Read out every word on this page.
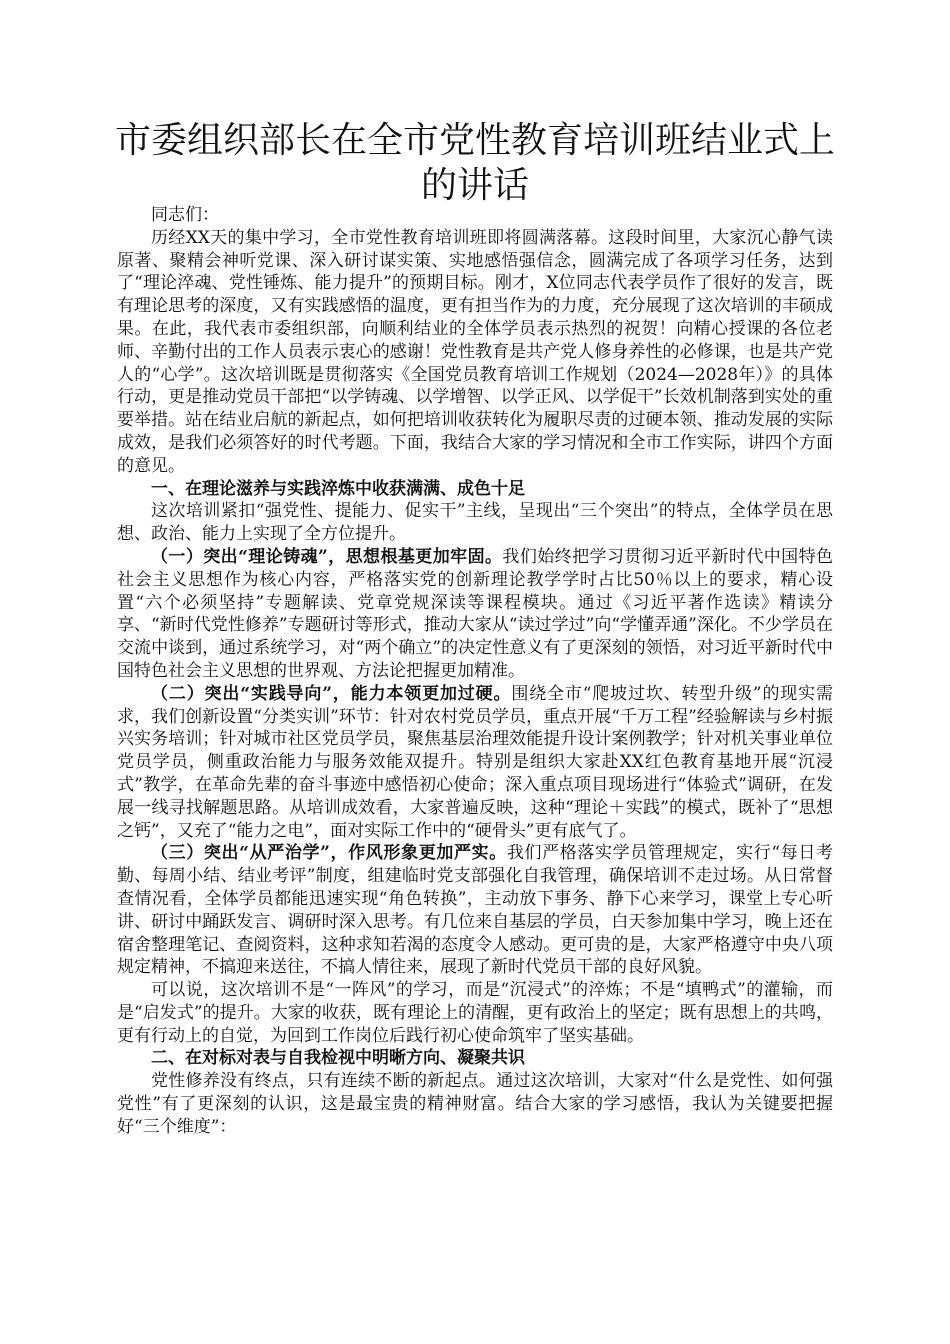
市委组织部长在全市党性教育培训班结业式上的讲话

同志们：

历经XX天的集中学习，全市党性教育培训班即将圆满落幕。这段时间里，大家沉心静气读原著、聚精会神听党课、深入研讨谋实策、实地感悟强信念，圆满完成了各项学习任务，达到了“理论淬魂、党性锤炼、能力提升”的预期目标。刚才，X位同志代表学员作了很好的发言，既有理论思考的深度，又有实践感悟的温度，更有担当作为的力度，充分展现了这次培训的丰硕成果。在此，我代表市委组织部，向顺利结业的全体学员表示热烈的祝贺！向精心授课的各位老师、辛勤付出的工作人员表示衷心的感谢！党性教育是共产党人修身养性的必修课，也是共产党人的“心学”。这次培训既是贯彻落实《全国党员教育培训工作规划（2024—2028年）》的具体行动，更是推动党员干部把“以学铸魂、以学增智、以学正风、以学促干”长效机制落到实处的重要举措。站在结业启航的新起点，如何把培训收获转化为履职尽责的过硬本领、推动发展的实际成效，是我们必须答好的时代考题。下面，我结合大家的学习情况和全市工作实际，讲四个方面的意见。

一、在理论滋养与实践淬炼中收获满满、成色十足

这次培训紧扣“强党性、提能力、促实干”主线，呈现出“三个突出”的特点，全体学员在思想、政治、能力上实现了全方位提升。

（一）突出“理论铸魂”，思想根基更加牢固。我们始终把学习贯彻习近平新时代中国特色社会主义思想作为核心内容，严格落实党的创新理论教学学时占比50％以上的要求，精心设置“六个必须坚持”专题解读、党章党规深读等课程模块。通过《习近平著作选读》精读分享、“新时代党性修养”专题研讨等形式，推动大家从“读过学过”向“学懂弄通”深化。不少学员在交流中谈到，通过系统学习，对“两个确立”的决定性意义有了更深刻的领悟，对习近平新时代中国特色社会主义思想的世界观、方法论把握更加精准。

（二）突出“实践导向”，能力本领更加过硬。围绕全市“爬坡过坎、转型升级”的现实需求，我们创新设置“分类实训”环节：针对农村党员学员，重点开展“千万工程”经验解读与乡村振兴实务培训；针对城市社区党员学员，聚焦基层治理效能提升设计案例教学；针对机关事业单位党员学员，侧重政治能力与服务效能双提升。特别是组织大家赴XX红色教育基地开展“沉浸式”教学，在革命先辈的奋斗事迹中感悟初心使命；深入重点项目现场进行“体验式”调研，在发展一线寻找解题思路。从培训成效看，大家普遍反映，这种“理论＋实践”的模式，既补了“思想之钙”，又充了“能力之电”，面对实际工作中的“硬骨头”更有底气了。

（三）突出“从严治学”，作风形象更加严实。我们严格落实学员管理规定，实行“每日考勤、每周小结、结业考评”制度，组建临时党支部强化自我管理，确保培训不走过场。从日常督查情况看，全体学员都能迅速实现“角色转换”，主动放下事务、静下心来学习，课堂上专心听讲、研讨中踊跃发言、调研时深入思考。有几位来自基层的学员，白天参加集中学习，晚上还在宿舍整理笔记、查阅资料，这种求知若渴的态度令人感动。更可贵的是，大家严格遵守中央八项规定精神，不搞迎来送往，不搞人情往来，展现了新时代党员干部的良好风貌。

可以说，这次培训不是“一阵风”的学习，而是“沉浸式”的淬炼；不是“填鸭式”的灌输，而是“启发式”的提升。大家的收获，既有理论上的清醒，更有政治上的坚定；既有思想上的共鸣，更有行动上的自觉，为回到工作岗位后践行初心使命筑牢了坚实基础。

二、在对标对表与自我检视中明晰方向、凝聚共识

党性修养没有终点，只有连续不断的新起点。通过这次培训，大家对“什么是党性、如何强党性”有了更深刻的认识，这是最宝贵的精神财富。结合大家的学习感悟，我认为关键要把握好“三个维度”：
